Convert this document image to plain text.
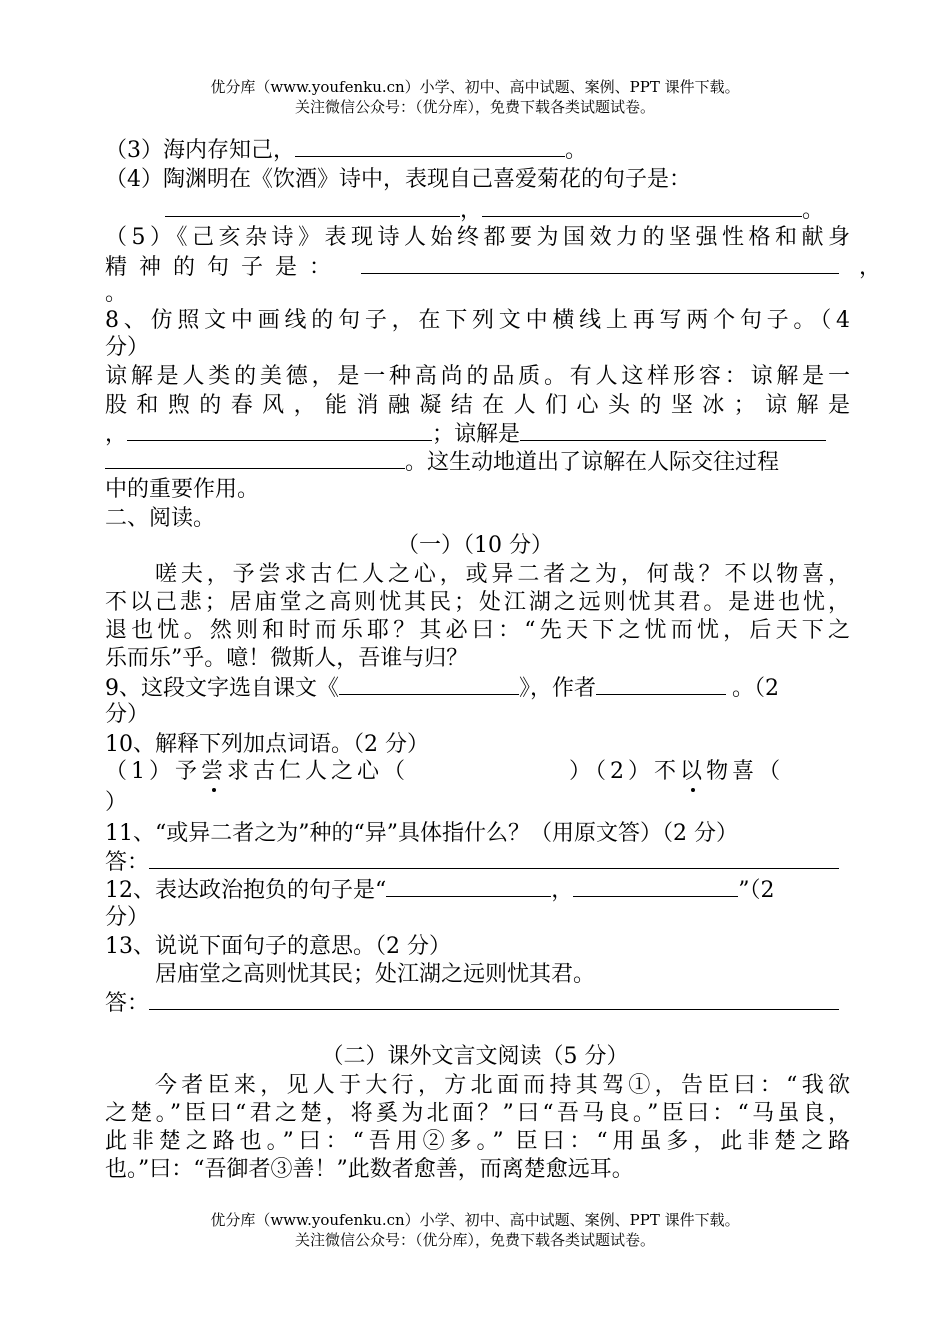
优分库（www.youfenku.cn）小学、初中、高中试题、案例、PPT 课件下载。
关注微信公众号：（优分库），免费下载各类试题试卷。
（3）海内存知己，	。
（4）陶渊明在《饮酒》诗中，表现自己喜爱菊花的句子是：
，	。
（5）《己亥杂诗》表现诗人始终都要为国效力的坚强性格和献身
精神的句子是：	，
。
8、仿照文中画线的句子，在下列文中横线上再写两个句子。（4
分）
谅解是人类的美德，是一种高尚的品质。有人这样形容：谅解是一
股和煦的春风，能消融凝结在人们心头的坚冰；谅解是
，	；谅解是
。这生动地道出了谅解在人际交往过程
中的重要作用。
二、阅读。
（一）（10 分）
嗟夫，予尝求古仁人之心，或异二者之为，何哉？不以物喜，
不以己悲；居庙堂之高则忧其民；处江湖之远则忧其君。是进也忧，
退也忧。然则和时而乐耶？其必曰：“先天下之忧而忧，后天下之
乐而乐”乎。噫！微斯人，吾谁与归？
9、这段文字选自课文《	》，作者	。（2
分）
10、解释下列加点词语。（2 分）
（1）予尝求古仁人之心（	）（2）不以物喜（
）
11、“或异二者之为”种的“异”具体指什么？（用原文答）（2 分）
答：
12、表达政治抱负的句子是“	，	”（2
分）
13、说说下面句子的意思。（2 分）
居庙堂之高则忧其民；处江湖之远则忧其君。
答：
（二）课外文言文阅读（5 分）
今者臣来，见人于大行，方北面而持其驾①，告臣曰：“我欲
之楚。”臣曰“君之楚，将奚为北面？”曰“吾马良。”臣曰：“马虽良，
此非楚之路也。”曰：“吾用②多。” 臣曰：“用虽多，此非楚之路
也。”曰：“吾御者③善！”此数者愈善，而离楚愈远耳。
优分库（www.youfenku.cn）小学、初中、高中试题、案例、PPT 课件下载。
关注微信公众号：（优分库），免费下载各类试题试卷。
